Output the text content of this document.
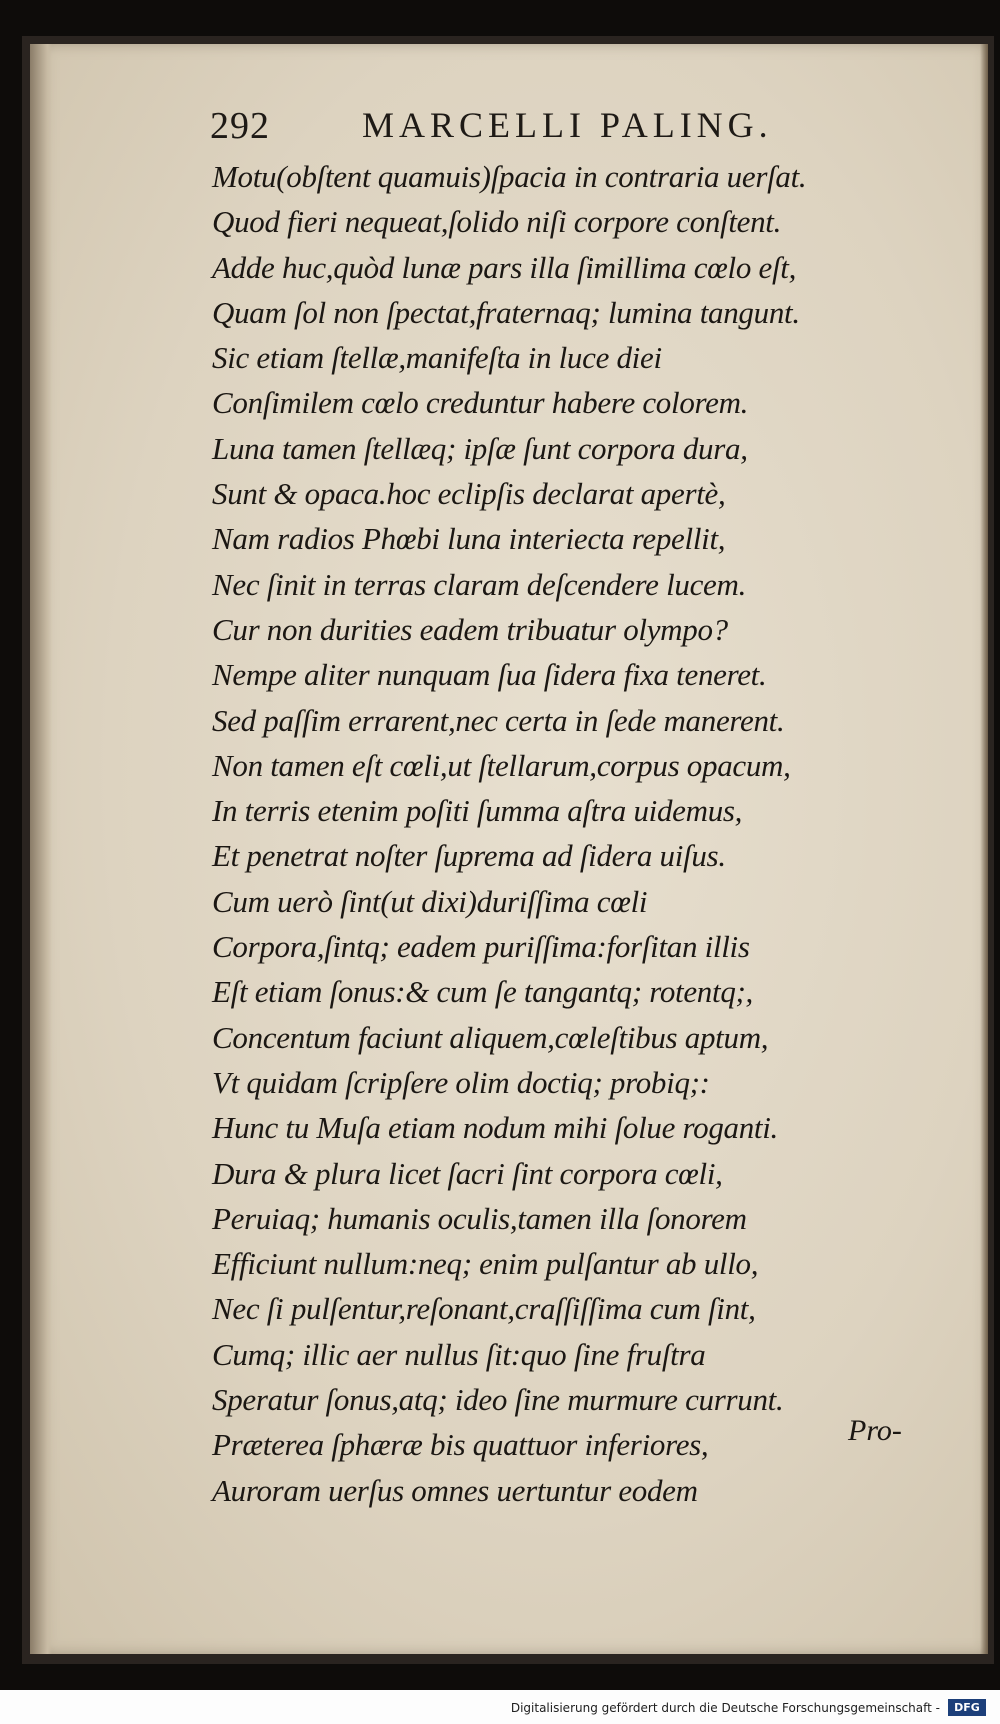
292	MARCELLI PALING.
Motu(obſtent quamuis)ſpacia in contraria uerſat.
Quod fieri nequeat,ſolido niſi corpore conſtent.
Adde huc,quòd lunæ pars illa ſimillima cœlo eſt,
Quam ſol non ſpectat,fraternaq; lumina tangunt.
Sic etiam ſtellæ,manifeſta in luce diei
Conſimilem cœlo creduntur habere colorem.
Luna tamen ſtellæq; ipſæ ſunt corpora dura,
Sunt & opaca.hoc eclipſis declarat apertè,
Nam radios Phœbi luna interiecta repellit,
Nec ſinit in terras claram deſcendere lucem.
Cur non durities eadem tribuatur olympo?
Nempe aliter nunquam ſua ſidera fixa teneret.
Sed paſſim errarent,nec certa in ſede manerent.
Non tamen eſt cœli,ut ſtellarum,corpus opacum,
In terris etenim poſiti ſumma aſtra uidemus,
Et penetrat noſter ſuprema ad ſidera uiſus.
Cum uerò ſint(ut dixi)duriſſima cœli
Corpora,ſintq; eadem puriſſima:forſitan illis
Eſt etiam ſonus:& cum ſe tangantq; rotentq;,
Concentum faciunt aliquem,cœleſtibus aptum,
Vt quidam ſcripſere olim doctiq; probiq;:
Hunc tu Muſa etiam nodum mihi ſolue roganti.
Dura & plura licet ſacri ſint corpora cœli,
Peruiaq; humanis oculis,tamen illa ſonorem
Efficiunt nullum:neq; enim pulſantur ab ullo,
Nec ſi pulſentur,reſonant,craſſiſſima cum ſint,
Cumq; illic aer nullus ſit:quo ſine fruſtra
Speratur ſonus,atq; ideo ſine murmure currunt.
Præterea ſphæræ bis quattuor inferiores,
Auroram uerſus omnes uertuntur eodem
Pro-
Digitalisierung gefördert durch die Deutsche Forschungsgemeinschaft -	DFG
